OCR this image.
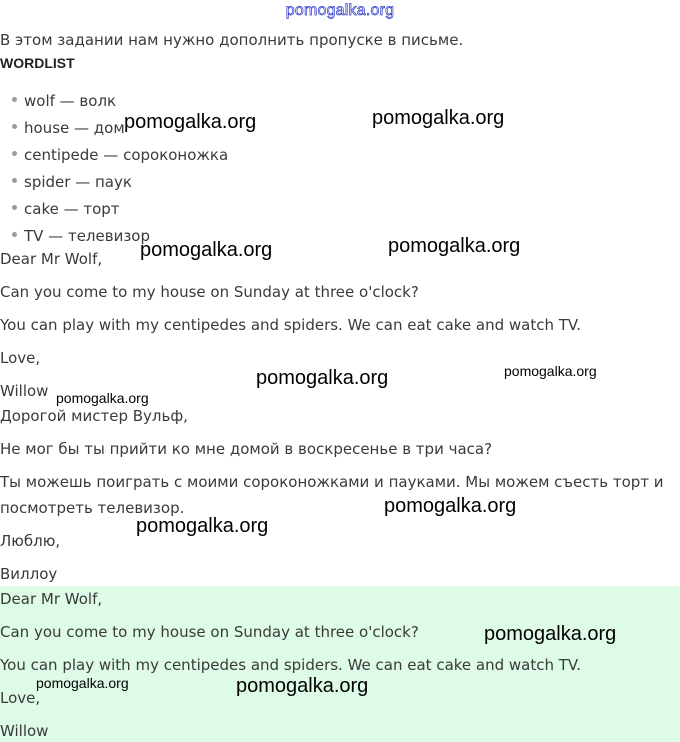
pomogalka.org
В этом задании нам нужно дополнить пропуске в письме.
WORDLIST
wolf — волк
house — дом
centipede — сороконожка
spider — паук
cake — торт
TV — телевизор
Dear Mr Wolf,
Can you come to my house on Sunday at three o'clock?
You can play with my centipedes and spiders. We can eat cake and watch TV.
Love,
Willow
Дорогой мистер Вульф,
Не мог бы ты прийти ко мне домой в воскресенье в три часа?
Ты можешь поиграть с моими сороконожками и пауками. Мы можем съесть торт и
посмотреть телевизор.
Люблю,
Виллоу
Dear Mr Wolf,
Can you come to my house on Sunday at three o'clock?
You can play with my centipedes and spiders. We can eat cake and watch TV.
Love,
Willow
pomogalka.org	pomogalka.org
pomogalka.org	pomogalka.org
pomogalka.org	pomogalka.org
pomogalka.org
pomogalka.org
pomogalka.org
pomogalka.org
pomogalka.org	pomogalka.org
